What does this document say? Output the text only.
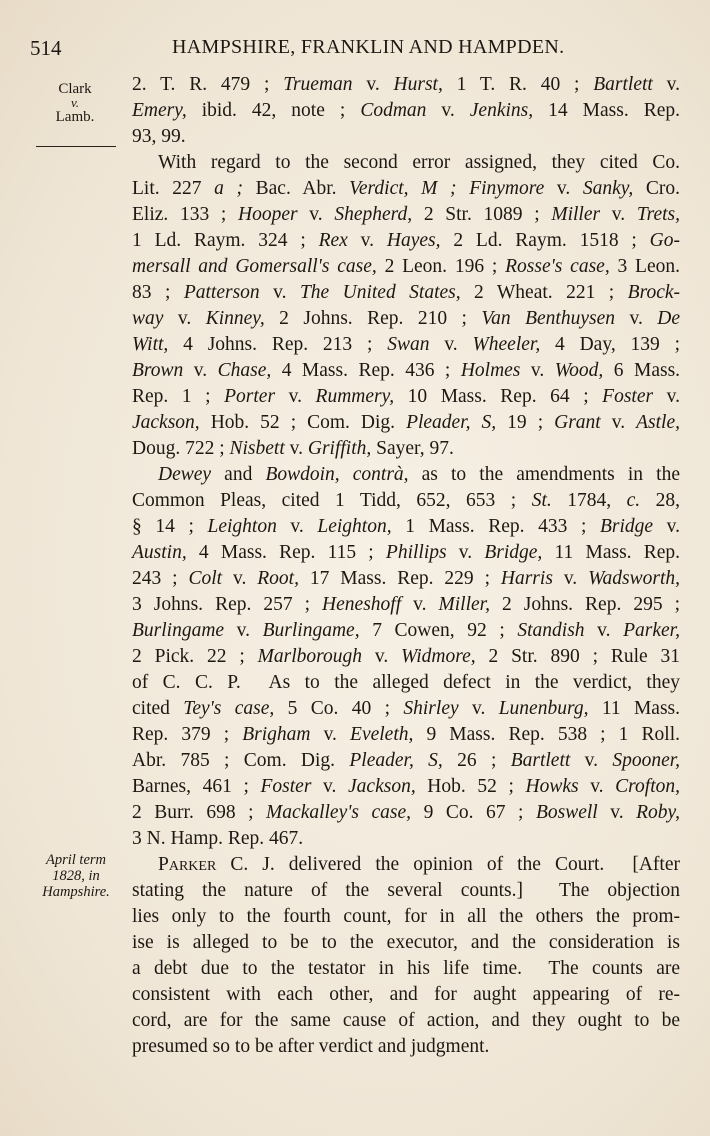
514	HAMPSHIRE, FRANKLIN AND HAMPDEN.
Clark
v.
Lamb.
April term
1828, in
Hampshire.
2. T. R. 479 ; Trueman v. Hurst, 1 T. R. 40 ; Bartlett v.
Emery, ibid. 42, note ; Codman v. Jenkins, 14 Mass. Rep.
93, 99.
With regard to the second error assigned, they cited Co.
Lit. 227 a ; Bac. Abr. Verdict, M ; Finymore v. Sanky, Cro.
Eliz. 133 ; Hooper v. Shepherd, 2 Str. 1089 ; Miller v. Trets,
1 Ld. Raym. 324 ; Rex v. Hayes, 2 Ld. Raym. 1518 ; Go-
mersall and Gomersall's case, 2 Leon. 196 ; Rosse's case, 3 Leon.
83 ; Patterson v. The United States, 2 Wheat. 221 ; Brock-
way v. Kinney, 2 Johns. Rep. 210 ; Van Benthuysen v. De
Witt, 4 Johns. Rep. 213 ; Swan v. Wheeler, 4 Day, 139 ;
Brown v. Chase, 4 Mass. Rep. 436 ; Holmes v. Wood, 6 Mass.
Rep. 1 ; Porter v. Rummery, 10 Mass. Rep. 64 ; Foster v.
Jackson, Hob. 52 ; Com. Dig. Pleader, S, 19 ; Grant v. Astle,
Doug. 722 ; Nisbett v. Griffith, Sayer, 97.
Dewey and Bowdoin, contrà, as to the amendments in the
Common Pleas, cited 1 Tidd, 652, 653 ; St. 1784, c. 28,
§ 14 ; Leighton v. Leighton, 1 Mass. Rep. 433 ; Bridge v.
Austin, 4 Mass. Rep. 115 ; Phillips v. Bridge, 11 Mass. Rep.
243 ; Colt v. Root, 17 Mass. Rep. 229 ; Harris v. Wadsworth,
3 Johns. Rep. 257 ; Heneshoff v. Miller, 2 Johns. Rep. 295 ;
Burlingame v. Burlingame, 7 Cowen, 92 ; Standish v. Parker,
2 Pick. 22 ; Marlborough v. Widmore, 2 Str. 890 ; Rule 31
of C. C. P.  As to the alleged defect in the verdict, they
cited Tey's case, 5 Co. 40 ; Shirley v. Lunenburg, 11 Mass.
Rep. 379 ; Brigham v. Eveleth, 9 Mass. Rep. 538 ; 1 Roll.
Abr. 785 ; Com. Dig. Pleader, S, 26 ; Bartlett v. Spooner,
Barnes, 461 ; Foster v. Jackson, Hob. 52 ; Howks v. Crofton,
2 Burr. 698 ; Mackalley's case, 9 Co. 67 ; Boswell v. Roby,
3 N. Hamp. Rep. 467.
Parker C. J. delivered the opinion of the Court.  [After
stating the nature of the several counts.]  The objection
lies only to the fourth count, for in all the others the prom-
ise is alleged to be to the executor, and the consideration is
a debt due to the testator in his life time.  The counts are
consistent with each other, and for aught appearing of re-
cord, are for the same cause of action, and they ought to be
presumed so to be after verdict and judgment.
